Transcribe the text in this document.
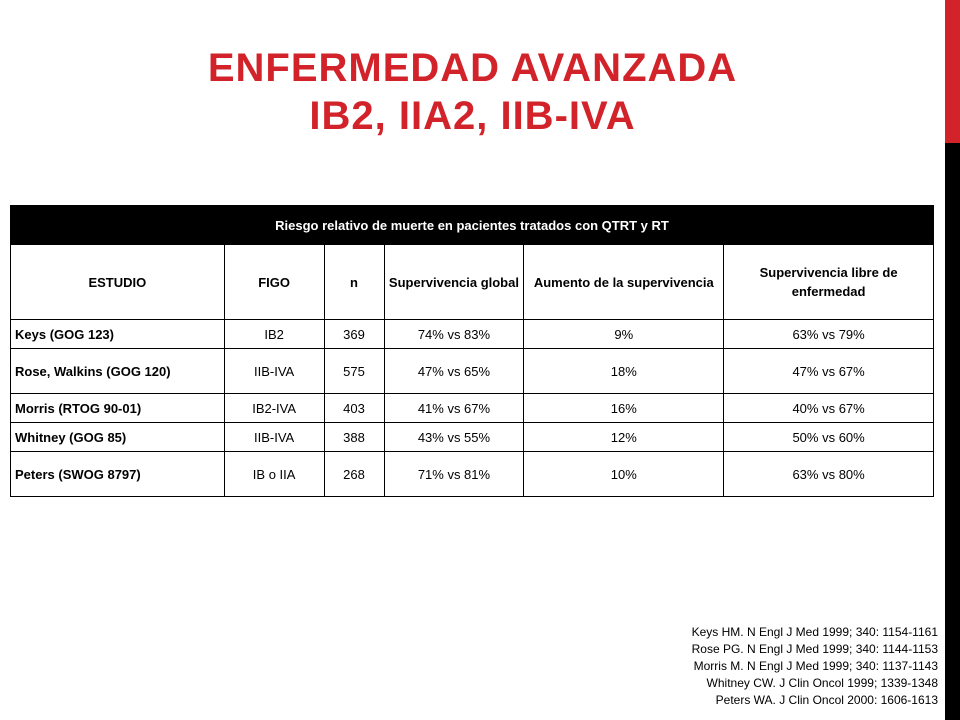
ENFERMEDAD AVANZADA
IB2, IIA2, IIB-IVA
Riesgo relativo de muerte en pacientes tratados con QTRT y RT					
ESTUDIO	FIGO	n	Supervivencia global	Aumento de la supervivencia	Supervivencia libre de enfermedad
Keys (GOG 123)	IB2	369	74% vs 83%	9%	63% vs 79%
Rose, Walkins (GOG 120)	IIB-IVA	575	47% vs 65%	18%	47% vs 67%
Morris (RTOG 90-01)	IB2-IVA	403	41% vs 67%	16%	40% vs 67%
Whitney (GOG 85)	IIB-IVA	388	43% vs 55%	12%	50% vs 60%
Peters (SWOG 8797)	IB o IIA	268	71% vs 81%	10%	63% vs 80%
Keys HM. N Engl J Med 1999; 340: 1154-1161
Rose PG. N Engl J Med 1999; 340: 1144-1153
Morris M. N Engl J Med 1999; 340: 1137-1143
Whitney CW. J Clin Oncol 1999; 1339-1348
Peters WA. J Clin Oncol 2000: 1606-1613
